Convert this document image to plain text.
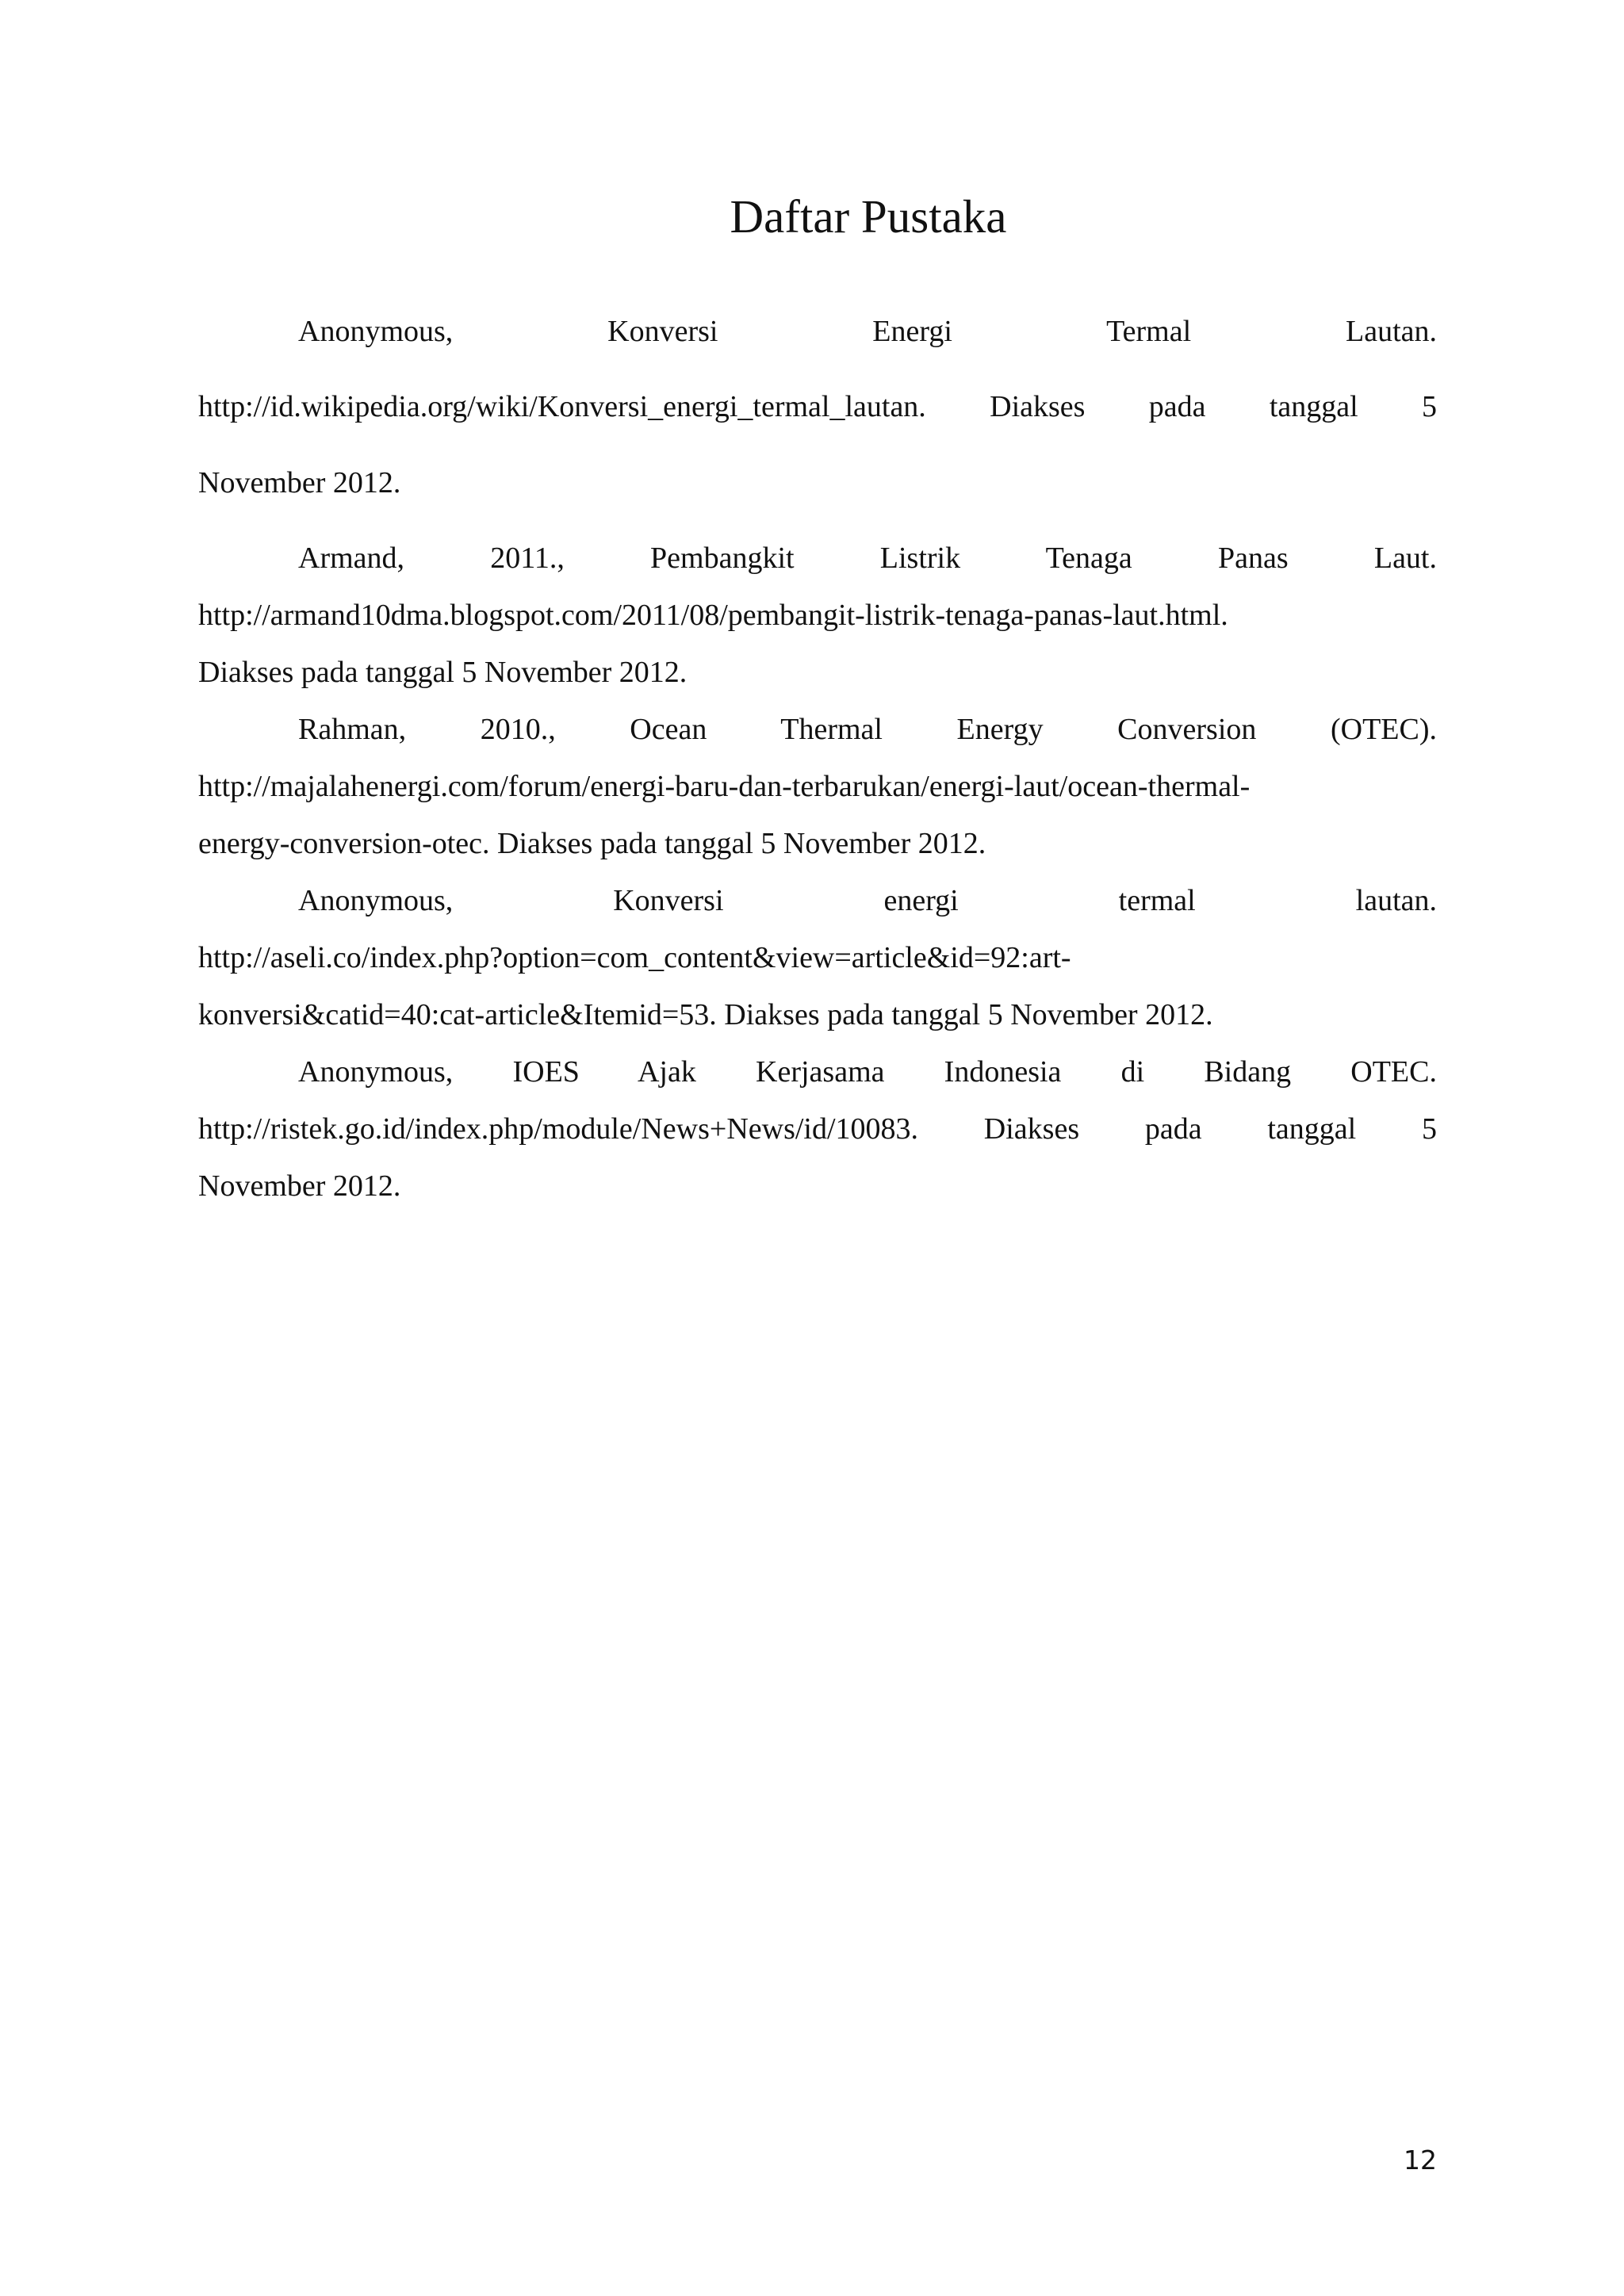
Daftar Pustaka

Anonymous, Konversi Energi Termal Lautan.

http://id.wikipedia.org/wiki/Konversi_energi_termal_lautan. Diakses pada tanggal 5

November 2012.

Armand, 2011., Pembangkit Listrik Tenaga Panas Laut.

http://armand10dma.blogspot.com/2011/08/pembangit-listrik-tenaga-panas-laut.html.

Diakses pada tanggal 5 November 2012.

Rahman, 2010., Ocean Thermal Energy Conversion (OTEC).

http://majalahenergi.com/forum/energi-baru-dan-terbarukan/energi-laut/ocean-thermal-

energy-conversion-otec. Diakses pada tanggal 5 November 2012.

Anonymous, Konversi energi termal lautan.

http://aseli.co/index.php?option=com_content&view=article&id=92:art-

konversi&catid=40:cat-article&Itemid=53. Diakses pada tanggal 5 November 2012.

Anonymous, IOES Ajak Kerjasama Indonesia di Bidang OTEC.

http://ristek.go.id/index.php/module/News+News/id/10083. Diakses pada tanggal 5

November 2012.

12
